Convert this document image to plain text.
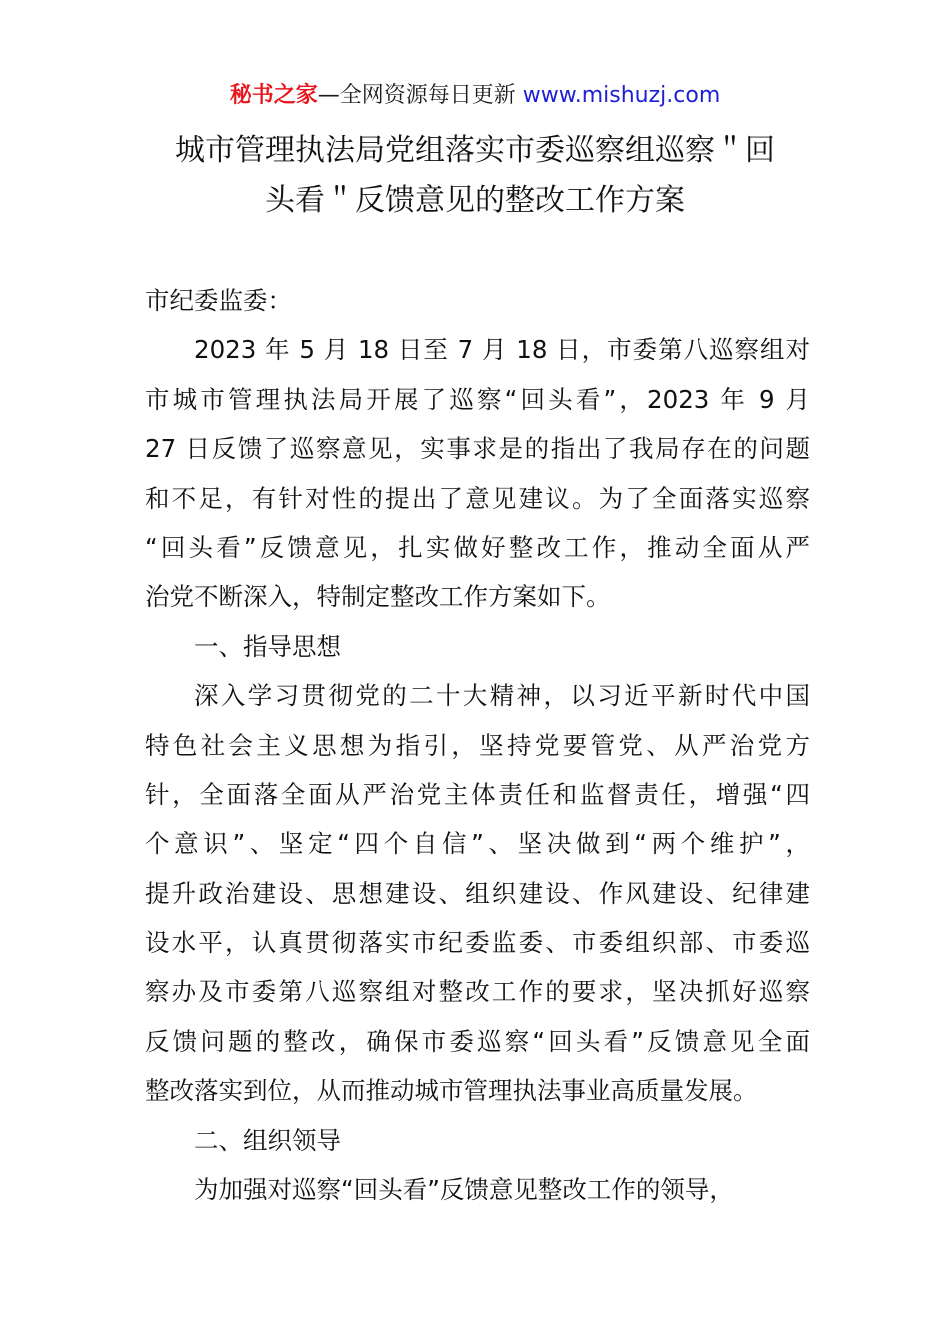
秘书之家—全网资源每日更新 www.mishuzj.com
城市管理执法局党组落实市委巡察组巡察＂回
头看＂反馈意见的整改工作方案
市纪委监委：
2023 年 5 月 18 日至 7 月 18 日，市委第八巡察组对
市城市管理执法局开展了巡察“回头看”，2023 年 9 月
27 日反馈了巡察意见，实事求是的指出了我局存在的问题
和不足，有针对性的提出了意见建议。为了全面落实巡察
“回头看”反馈意见，扎实做好整改工作，推动全面从严
治党不断深入，特制定整改工作方案如下。
一、指导思想
深入学习贯彻党的二十大精神，以习近平新时代中国
特色社会主义思想为指引，坚持党要管党、从严治党方
针，全面落全面从严治党主体责任和监督责任，增强“四
个意识”、坚定“四个自信”、坚决做到“两个维护”，
提升政治建设、思想建设、组织建设、作风建设、纪律建
设水平，认真贯彻落实市纪委监委、市委组织部、市委巡
察办及市委第八巡察组对整改工作的要求，坚决抓好巡察
反馈问题的整改，确保市委巡察“回头看”反馈意见全面
整改落实到位，从而推动城市管理执法事业高质量发展。
二、组织领导
为加强对巡察“回头看”反馈意见整改工作的领导，
